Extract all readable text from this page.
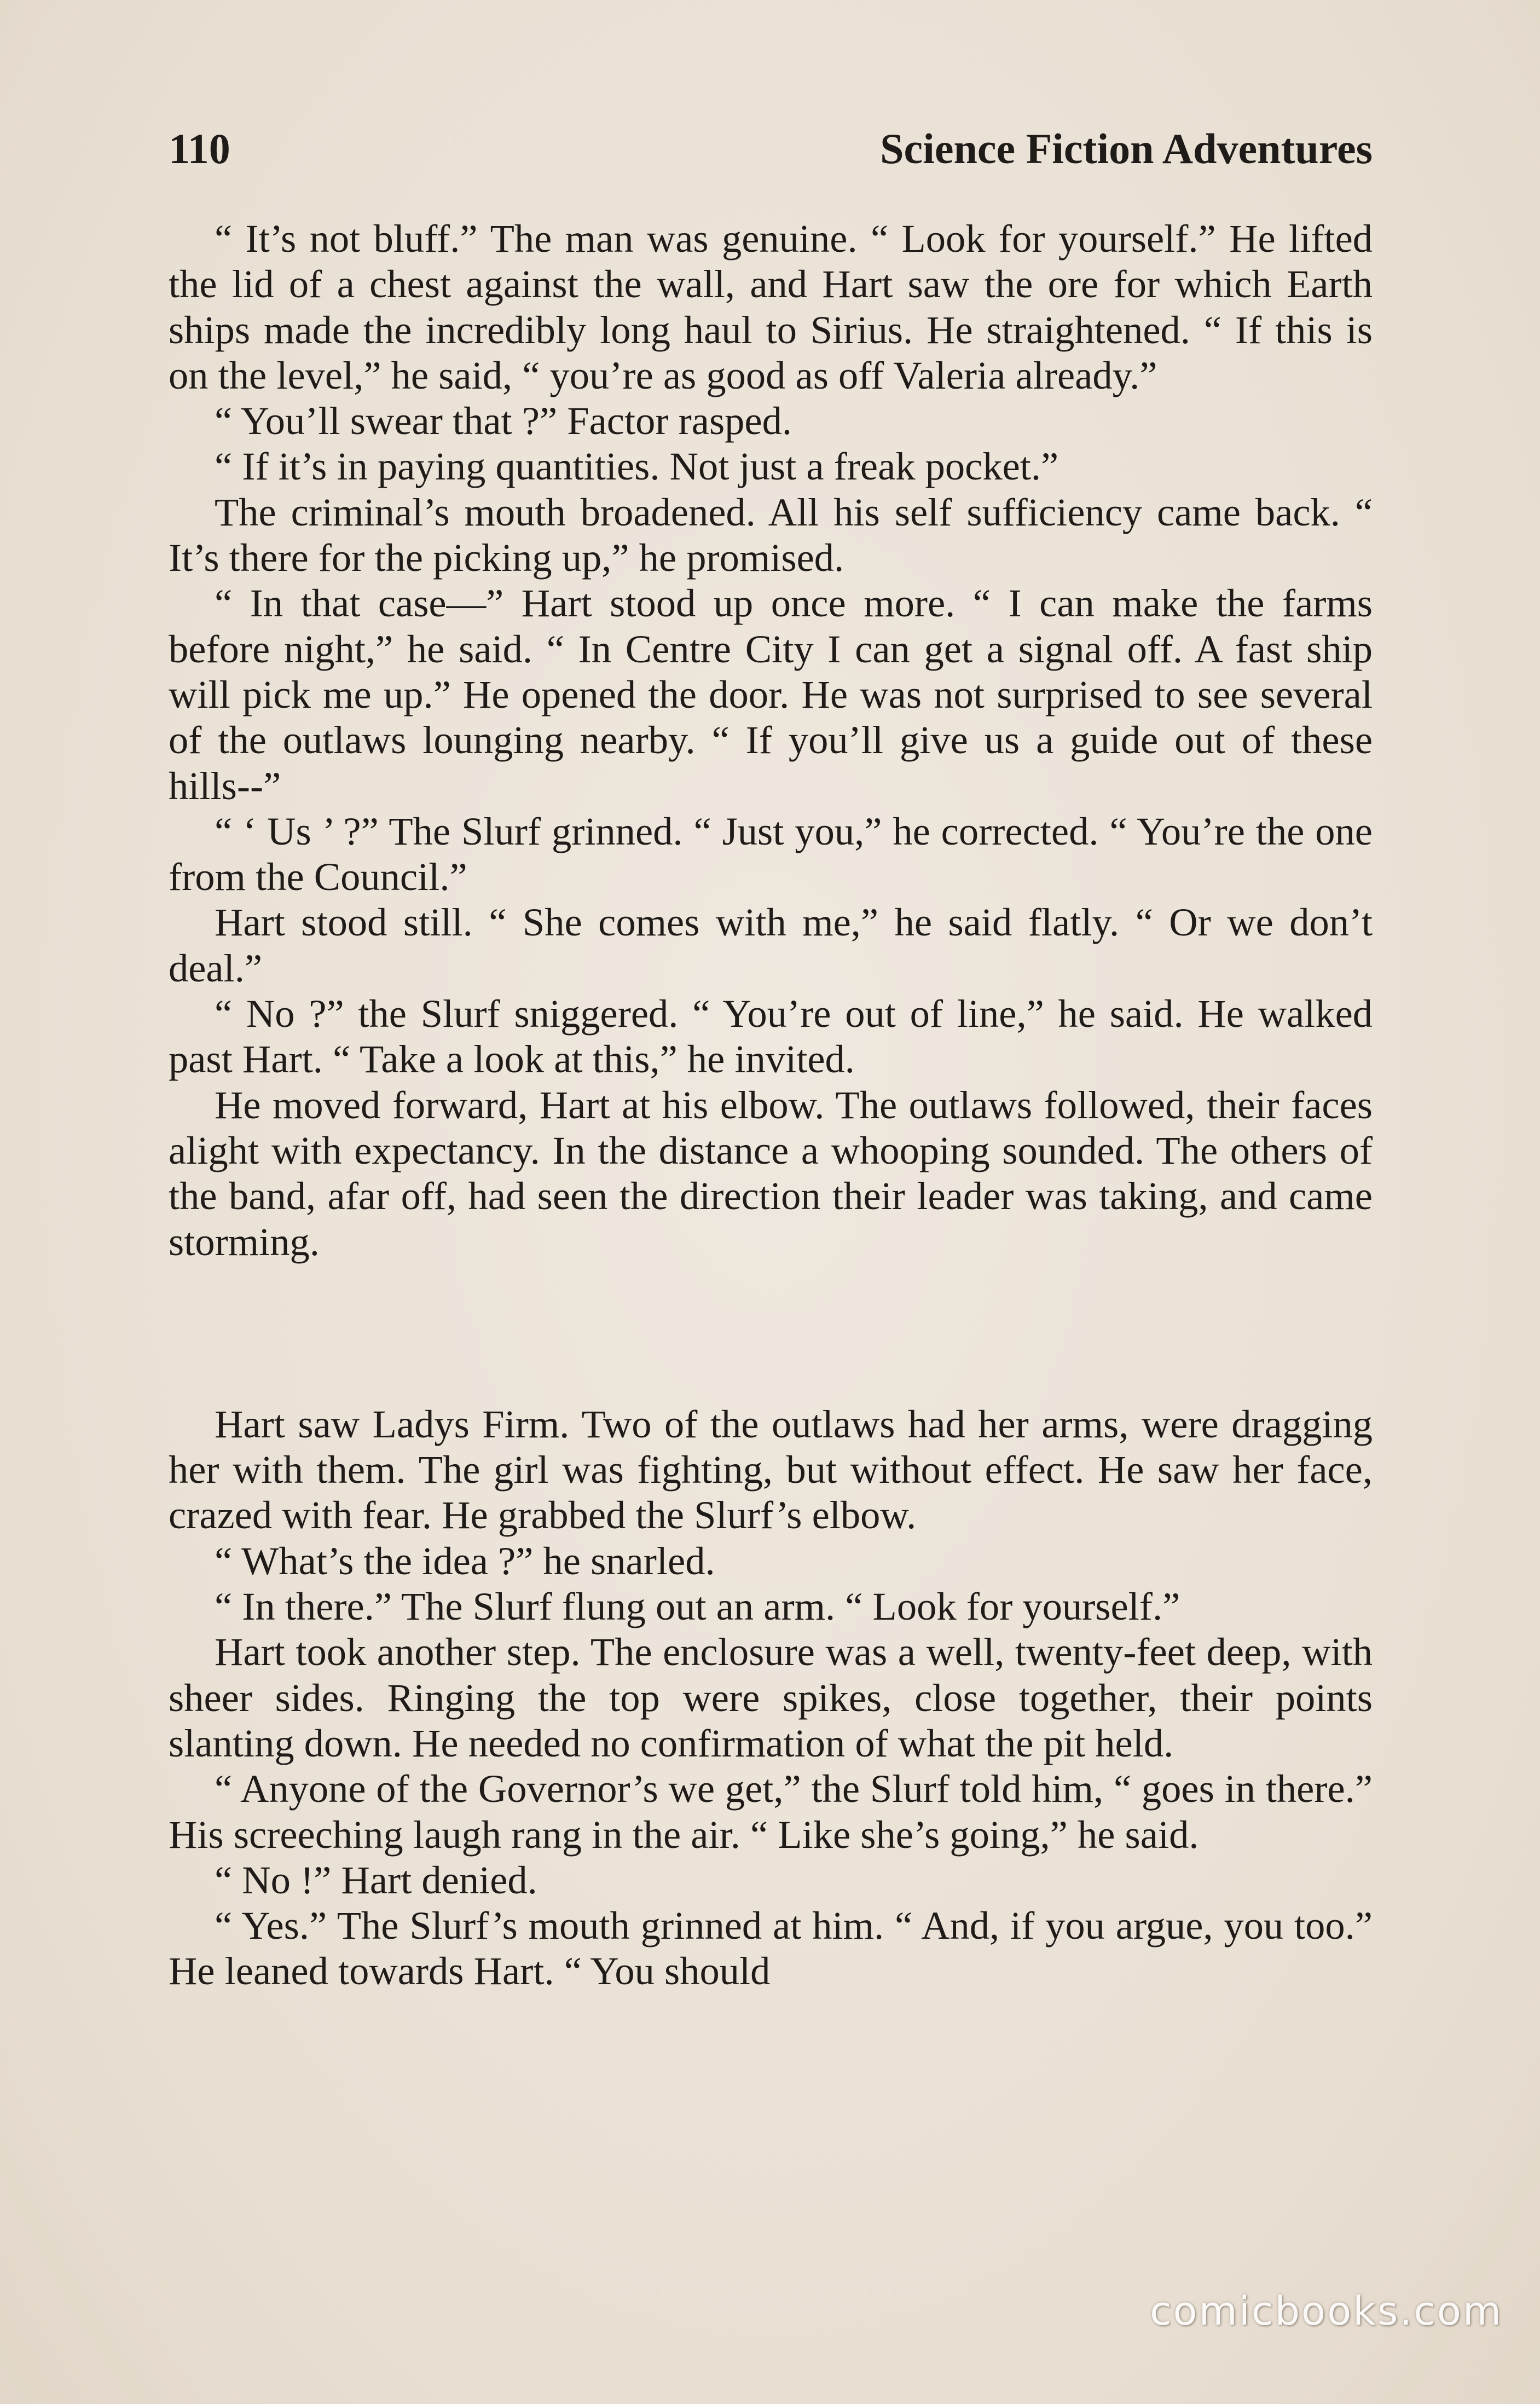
110	Science Fiction Adventures

“ It’s not bluff.” The man was genuine. “ Look for yourself.” He lifted the lid of a chest against the wall, and Hart saw the ore for which Earth ships made the incredibly long haul to Sirius. He straightened. “ If this is on the level,” he said, “ you’re as good as off Valeria already.”

“ You’ll swear that ?” Factor rasped.

“ If it’s in paying quantities. Not just a freak pocket.”

The criminal’s mouth broadened. All his self sufficiency came back. “ It’s there for the picking up,” he promised.

“ In that case—” Hart stood up once more. “ I can make the farms before night,” he said. “ In Centre City I can get a signal off. A fast ship will pick me up.” He opened the door. He was not surprised to see several of the outlaws lounging nearby. “ If you’ll give us a guide out of these hills--”

“ ‘ Us ’ ?” The Slurf grinned. “ Just you,” he corrected. “ You’re the one from the Council.”

Hart stood still. “ She comes with me,” he said flatly. “ Or we don’t deal.”

“ No ?” the Slurf sniggered. “ You’re out of line,” he said. He walked past Hart. “ Take a look at this,” he invited.

He moved forward, Hart at his elbow. The outlaws followed, their faces alight with expectancy. In the distance a whooping sounded. The others of the band, afar off, had seen the direction their leader was taking, and came storming.

Hart saw Ladys Firm. Two of the outlaws had her arms, were dragging her with them. The girl was fighting, but without effect. He saw her face, crazed with fear. He grabbed the Slurf’s elbow.

“ What’s the idea ?” he snarled.

“ In there.” The Slurf flung out an arm. “ Look for yourself.”

Hart took another step. The enclosure was a well, twenty-feet deep, with sheer sides. Ringing the top were spikes, close together, their points slanting down. He needed no confirmation of what the pit held.

“ Anyone of the Governor’s we get,” the Slurf told him, “ goes in there.” His screeching laugh rang in the air. “ Like she’s going,” he said.

“ No !” Hart denied.

“ Yes.” The Slurf’s mouth grinned at him. “ And, if you argue, you too.” He leaned towards Hart. “ You should

comicbooks.com
